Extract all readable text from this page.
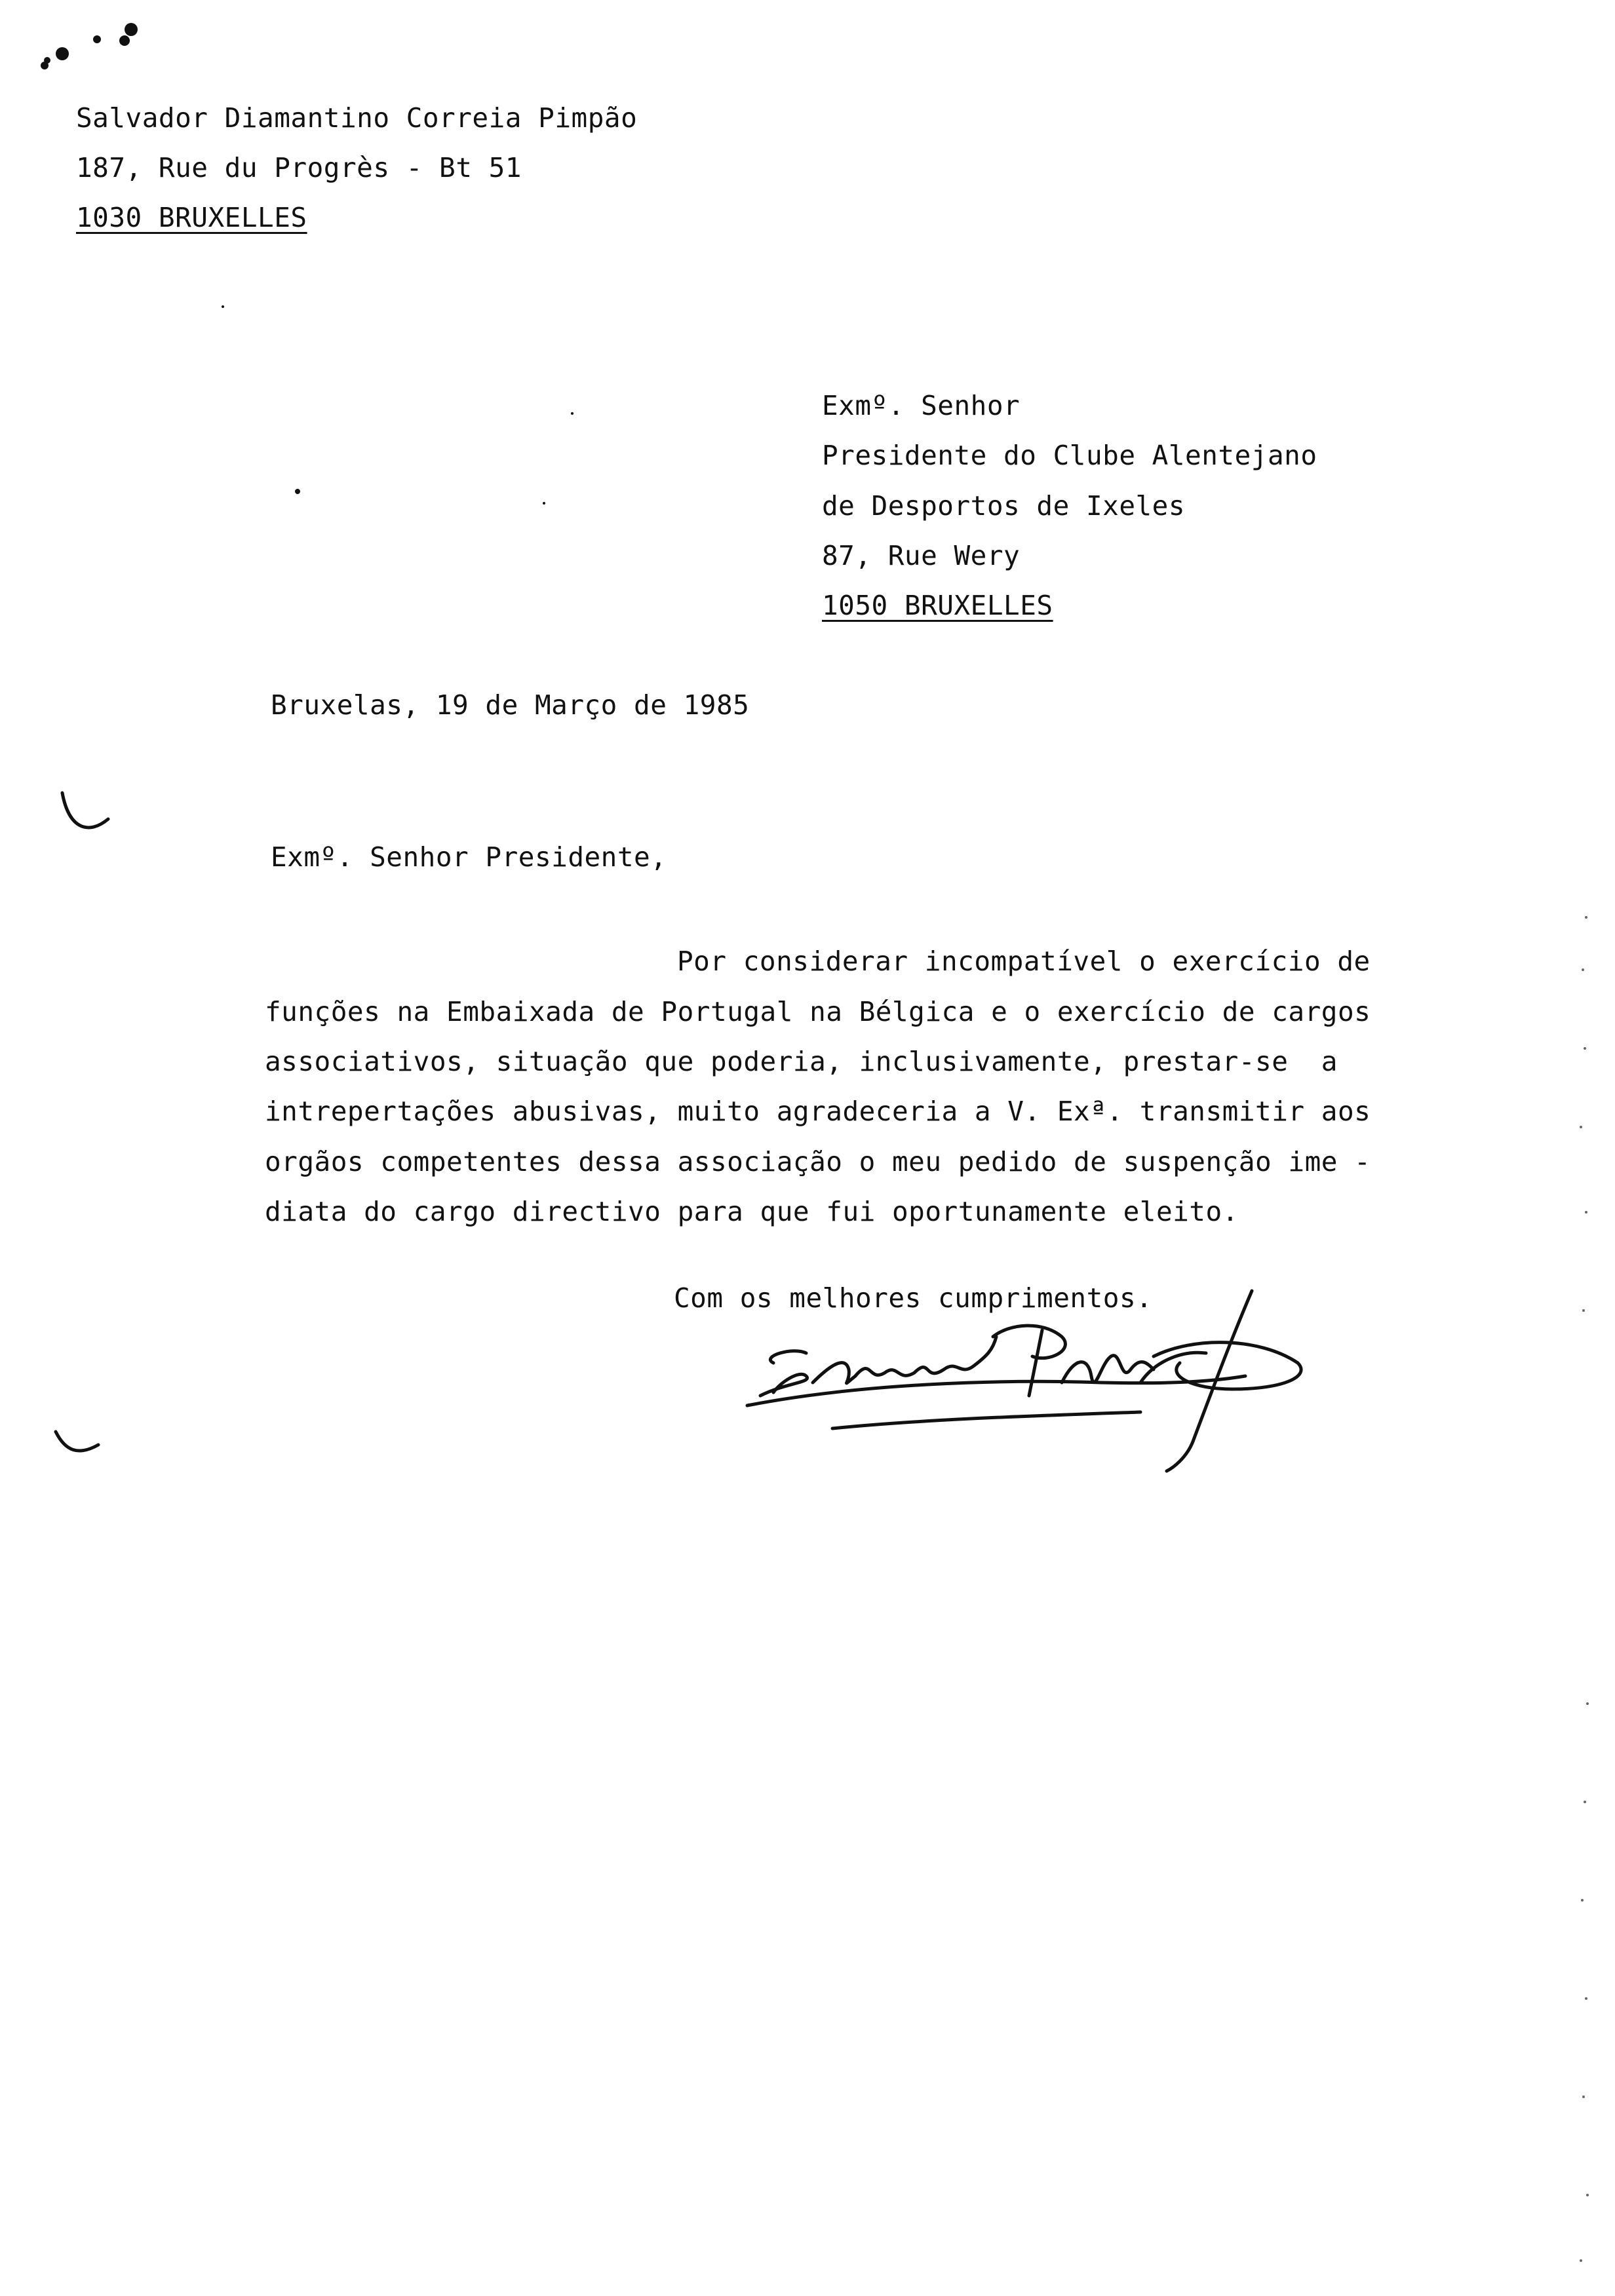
Salvador Diamantino Correia Pimpão
187, Rue du Progrès - Bt 51
1030 BRUXELLES
Exmº. Senhor
Presidente do Clube Alentejano
de Desportos de Ixeles
87, Rue Wery
1050 BRUXELLES
Bruxelas, 19 de Março de 1985
Exmº. Senhor Presidente,
Por considerar incompatível o exercício de
funções na Embaixada de Portugal na Bélgica e o exercício de cargos
associativos, situação que poderia, inclusivamente, prestar-se  a
intrepertações abusivas, muito agradeceria a V. Exª. transmitir aos
orgãos competentes dessa associação o meu pedido de suspenção ime -
diata do cargo directivo para que fui oportunamente eleito.
Com os melhores cumprimentos.
